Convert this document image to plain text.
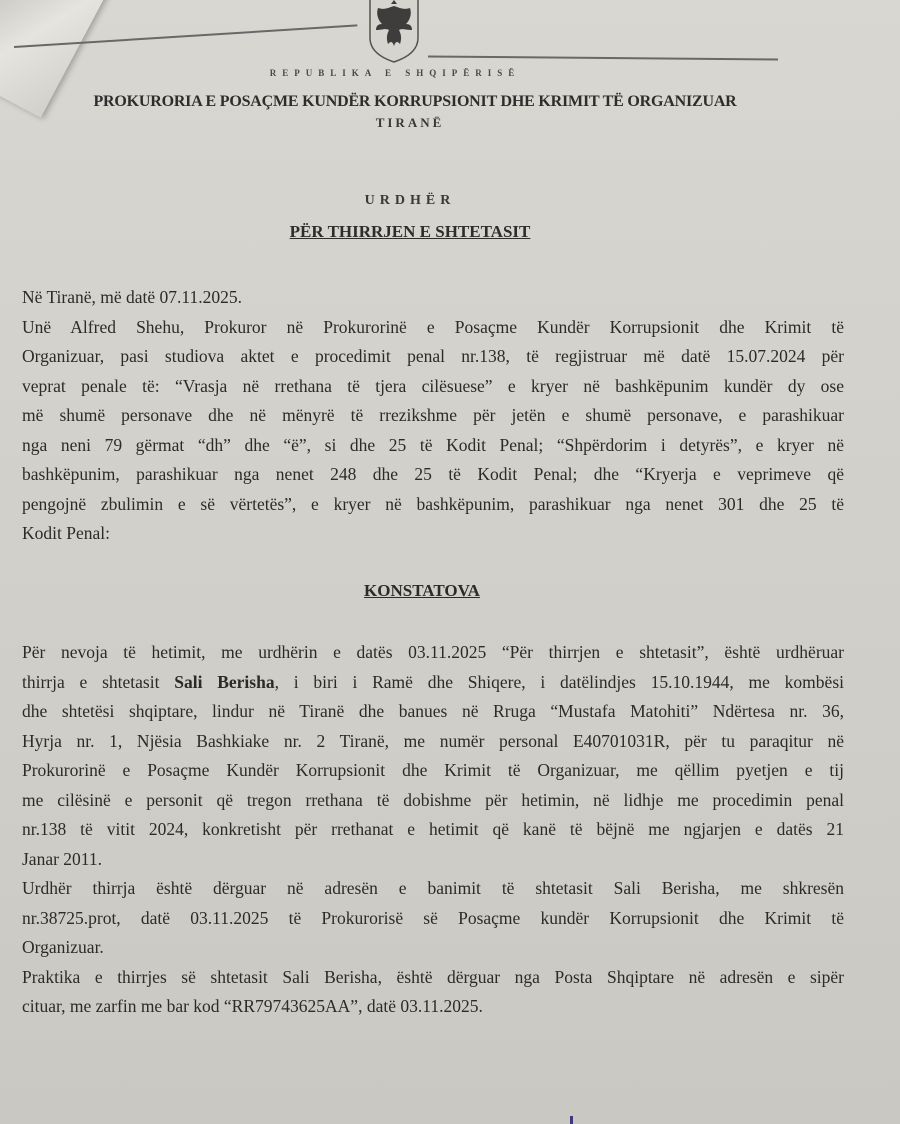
REPUBLIKA E SHQIPËRISË
PROKURORIA E POSAÇME KUNDËR KORRUPSIONIT DHE KRIMIT TË ORGANIZUAR
TIRANË
URDHËR
PËR THIRRJEN E SHTETASIT
Në Tiranë, më datë 07.11.2025.
Unë Alfred Shehu, Prokuror në Prokurorinë e Posaçme Kundër Korrupsionit dhe Krimit të
Organizuar, pasi studiova aktet e procedimit penal nr.138, të regjistruar më datë 15.07.2024 për
veprat penale të: “Vrasja në rrethana të tjera cilësuese” e kryer në bashkëpunim kundër dy ose
më shumë personave dhe në mënyrë të rrezikshme për jetën e shumë personave, e parashikuar
nga neni 79 gërmat “dh” dhe “ë”, si dhe 25 të Kodit Penal; “Shpërdorim i detyrës”, e kryer në
bashkëpunim, parashikuar nga nenet 248 dhe 25 të Kodit Penal; dhe “Kryerja e veprimeve që
pengojnë zbulimin e së vërtetës”, e kryer në bashkëpunim, parashikuar nga nenet 301 dhe 25 të
Kodit Penal:
KONSTATOVA
Për nevoja të hetimit, me urdhërin e datës 03.11.2025 “Për thirrjen e shtetasit”, është urdhëruar
thirrja e shtetasit Sali Berisha, i biri i Ramë dhe Shiqere, i datëlindjes 15.10.1944, me kombësi
dhe shtetësi shqiptare, lindur në Tiranë dhe banues në Rruga “Mustafa Matohiti” Ndërtesa nr. 36,
Hyrja nr. 1, Njësia Bashkiake nr. 2 Tiranë, me numër personal E40701031R, për tu paraqitur në
Prokurorinë e Posaçme Kundër Korrupsionit dhe Krimit të Organizuar, me qëllim pyetjen e tij
me cilësinë e personit që tregon rrethana të dobishme për hetimin, në lidhje me procedimin penal
nr.138 të vitit 2024, konkretisht për rrethanat e hetimit që kanë të bëjnë me ngjarjen e datës 21
Janar 2011.
Urdhër thirrja është dërguar në adresën e banimit të shtetasit Sali Berisha, me shkresën
nr.38725.prot, datë 03.11.2025 të Prokurorisë së Posaçme kundër Korrupsionit dhe Krimit të
Organizuar.
Praktika e thirrjes së shtetasit Sali Berisha, është dërguar nga Posta Shqiptare në adresën e sipër
cituar, me zarfin me bar kod “RR79743625AA”, datë 03.11.2025.
